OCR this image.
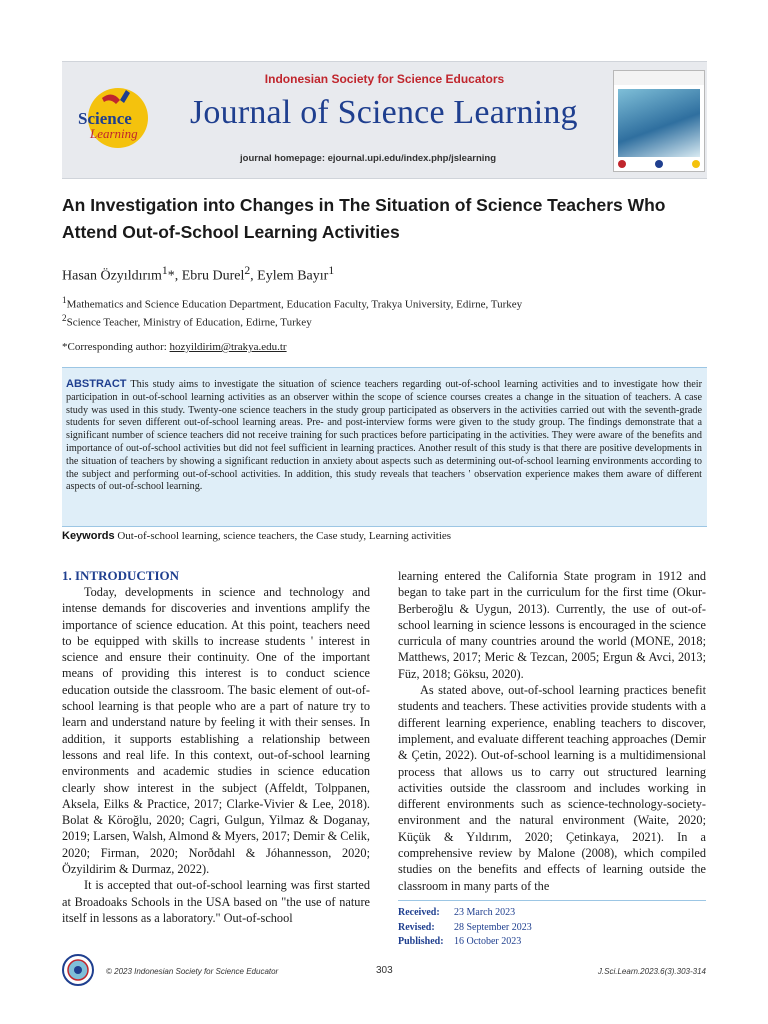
Science
Learning
Indonesian Society for Science Educators
Journal of Science Learning
journal homepage: ejournal.upi.edu/index.php/jslearning
An Investigation into Changes in The Situation of Science Teachers Who Attend Out-of-School Learning Activities
Hasan Özyıldırım$^1$*, Ebru Durel$^2$, Eylem Bayır$^1$
$^1$Mathematics and Science Education Department, Education Faculty, Trakya University, Edirne, Turkey
$^2$Science Teacher, Ministry of Education, Edirne, Turkey
*Corresponding author: hozyildirim@trakya.edu.tr
ABSTRACT This study aims to investigate the situation of science teachers regarding out-of-school learning activities and to investigate how their participation in out-of-school learning activities as an observer within the scope of science courses creates a change in the situation of teachers. A case study was used in this study. Twenty-one science teachers in the study group participated as observers in the activities carried out with the seventh-grade students for seven different out-of-school learning areas. Pre- and post-interview forms were given to the study group. The findings demonstrate that a significant number of science teachers did not receive training for such practices before participating in the activities. They were aware of the benefits and importance of out-of-school activities but did not feel sufficient in learning practices. Another result of this study is that there are positive developments in the situation of teachers by showing a significant reduction in anxiety about aspects such as determining out-of-school learning environments according to the subject and performing out-of-school activities. In addition, this study reveals that teachers ' observation experience makes them aware of different aspects of out-of-school learning.
Keywords Out-of-school learning, science teachers, the Case study, Learning activities
1. INTRODUCTION

Today, developments in science and technology and intense demands for discoveries and inventions amplify the importance of science education. At this point, teachers need to be equipped with skills to increase students ' interest in science and ensure their continuity. One of the important means of providing this interest is to conduct science education outside the classroom. The basic element of out-of-school learning is that people who are a part of nature try to learn and understand nature by feeling it with their senses. In addition, it supports establishing a relationship between lessons and real life. In this context, out-of-school learning environments and academic studies in science education clearly show interest in the subject (Affeldt, Tolppanen, Aksela, Eilks & Practice, 2017; Clarke-Vivier & Lee, 2018). Bolat & Köroğlu, 2020; Cagri, Gulgun, Yilmaz & Doganay, 2019; Larsen, Walsh, Almond & Myers, 2017; Demir & Celik, 2020; Firman, 2020; Norðdahl & Jóhannesson, 2020; Özyildirim & Durmaz, 2022).

It is accepted that out-of-school learning was first started at Broadoaks Schools in the USA based on "the use of nature itself in lessons as a laboratory." Out-of-school

learning entered the California State program in 1912 and began to take part in the curriculum for the first time (Okur-Berberoğlu & Uygun, 2013). Currently, the use of out-of-school learning in science lessons is encouraged in the science curricula of many countries around the world (MONE, 2018; Matthews, 2017; Meric & Tezcan, 2005; Ergun & Avci, 2013; Füz, 2018; Göksu, 2020).

As stated above, out-of-school learning practices benefit students and teachers. These activities provide students with a different learning experience, enabling teachers to discover, implement, and evaluate different teaching approaches (Demir & Çetin, 2022). Out-of-school learning is a multidimensional process that allows us to carry out structured learning activities outside the classroom and includes working in different environments such as science-technology-society-environment and the natural environment (Waite, 2020; Küçük & Yıldırım, 2020; Çetinkaya, 2021). In a comprehensive review by Malone (2008), which compiled studies on the benefits and effects of learning outside the classroom in many parts of the

Received: 23 March 2023
Revised: 28 September 2023
Published: 16 October 2023
© 2023 Indonesian Society for Science Educator	303	J.Sci.Learn.2023.6(3).303-314
